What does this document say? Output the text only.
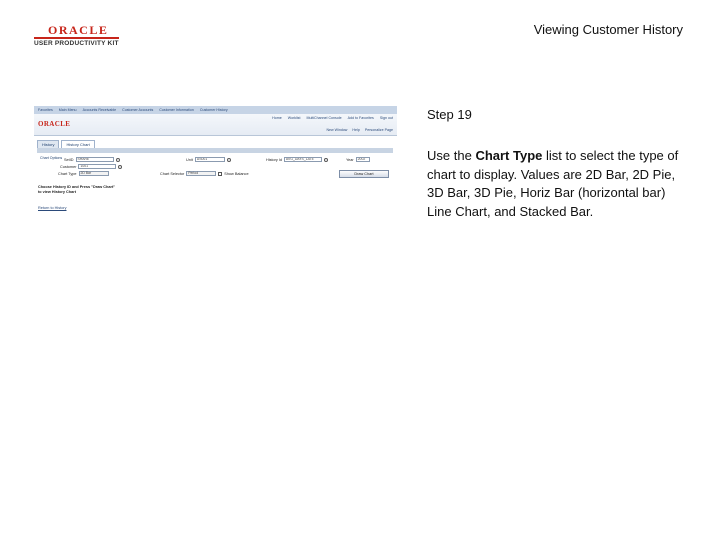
ORACLE
USER PRODUCTIVITY KIT
Viewing Customer History
Favorites Main Menu Accounts Receivable Customer Accounts Customer Information Customer History
ORACLE
Home Worklist MultiChannel Console Add to Favorites Sign out
New Window Help Personalize Page
History	History Chart
Chart Options SetID	SHARE	Unit	US001	History Id	AVG_DAYS_LATE	Year	2002
Customer	1001
Chart Type	2D Bar	Chart Selector	Period	Show Balance	Draw Chart
Choose History ID and Press "Draw Chart" to view History Chart
Return to History
Step 19
Use the Chart Type list to select the type of chart to display. Values are 2D Bar, 2D Pie, 3D Bar, 3D Pie, Horiz Bar (horizontal bar) Line Chart, and Stacked Bar.
